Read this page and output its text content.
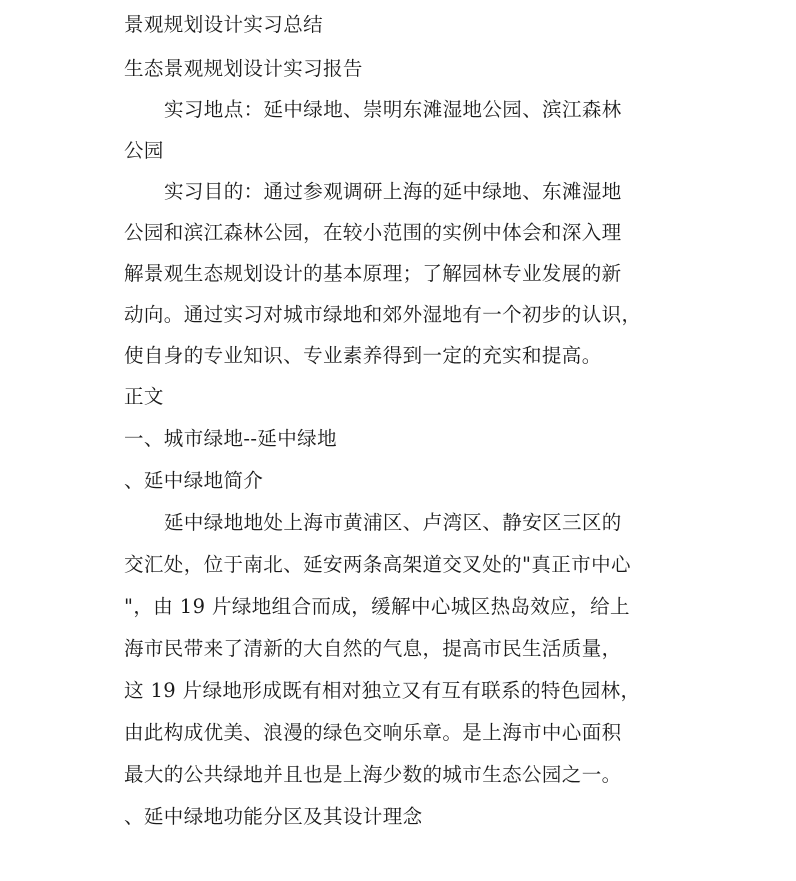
景观规划设计实习总结
生态景观规划设计实习报告
实习地点：延中绿地、崇明东滩湿地公园、滨江森林
公园
实习目的：通过参观调研上海的延中绿地、东滩湿地
公园和滨江森林公园，在较小范围的实例中体会和深入理
解景观生态规划设计的基本原理；了解园林专业发展的新
动向。通过实习对城市绿地和郊外湿地有一个初步的认识，
使自身的专业知识、专业素养得到一定的充实和提高。
正文
一、城市绿地--延中绿地
、延中绿地简介
延中绿地地处上海市黄浦区、卢湾区、静安区三区的
交汇处，位于南北、延安两条高架道交叉处的"真正市中心
"，由 19 片绿地组合而成，缓解中心城区热岛效应，给上
海市民带来了清新的大自然的气息，提高市民生活质量，
这 19 片绿地形成既有相对独立又有互有联系的特色园林，
由此构成优美、浪漫的绿色交响乐章。是上海市中心面积
最大的公共绿地并且也是上海少数的城市生态公园之一。
、延中绿地功能分区及其设计理念
